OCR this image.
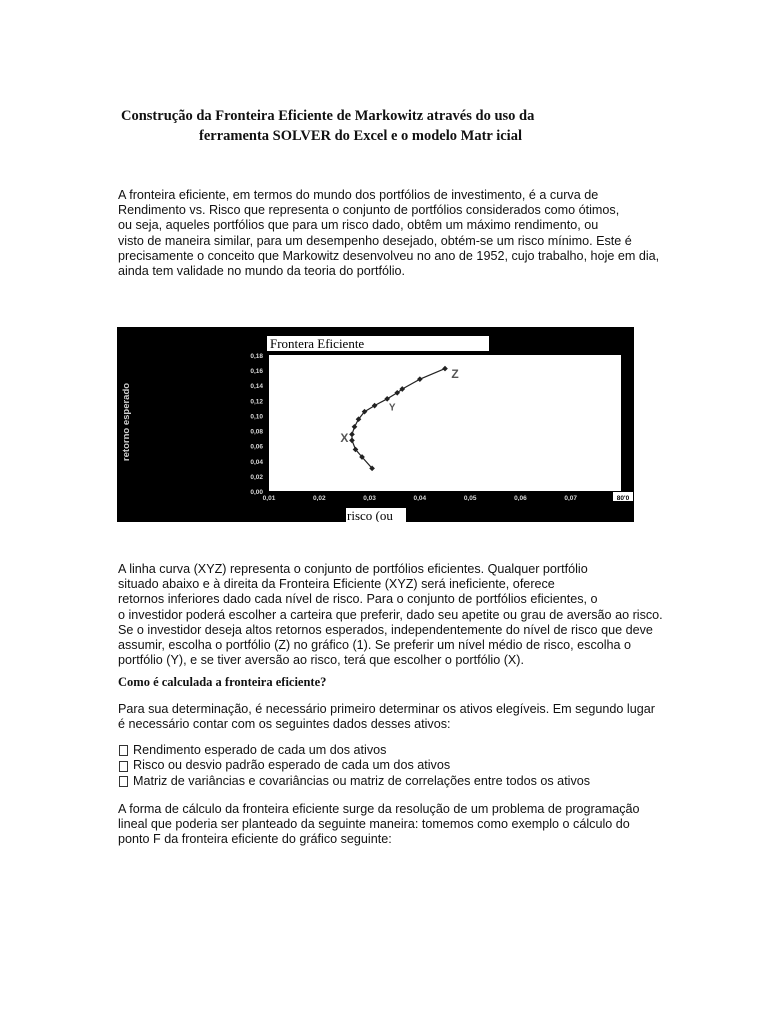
Construção da Fronteira Eficiente de Markowitz através do uso da
ferramenta SOLVER do Excel e o modelo Matr icial

A fronteira eficiente, em termos do mundo dos portfólios de investimento, é a curva de
Rendimento vs. Risco que representa o conjunto de portfólios considerados como ótimos,
ou seja, aqueles portfólios que para um risco dado, obtêm um máximo rendimento, ou
visto de maneira similar, para um desempenho desejado, obtém-se um risco mínimo. Este é
precisamente o conceito que Markowitz desenvolveu no ano de 1952, cujo trabalho, hoje em dia,
ainda tem validade no mundo da teoria do portfólio.

Frontera Eficiente
retorno esperado
risco (ou
0,00
0,02
0,04
0,06
0,08
0,10
0,12
0,14
0,16
0,18
0,01	0,02	0,03	0,04	0,05	0,06	0,07	80'0
X
Y
Z

A linha curva (XYZ) representa o conjunto de portfólios eficientes. Qualquer portfólio
situado abaixo e à direita da Fronteira Eficiente (XYZ) será ineficiente, oferece
retornos inferiores dado cada nível de risco. Para o conjunto de portfólios eficientes, o
o investidor poderá escolher a carteira que preferir, dado seu apetite ou grau de aversão ao risco.
Se o investidor deseja altos retornos esperados, independentemente do nível de risco que deve
assumir, escolha o portfólio (Z) no gráfico (1). Se preferir um nível médio de risco, escolha o
portfólio (Y), e se tiver aversão ao risco, terá que escolher o portfólio (X).

Como é calculada a fronteira eficiente?

Para sua determinação, é necessário primeiro determinar os ativos elegíveis. Em segundo lugar
é necessário contar com os seguintes dados desses ativos:

Rendimento esperado de cada um dos ativos
Risco ou desvio padrão esperado de cada um dos ativos
Matriz de variâncias e covariâncias ou matriz de correlações entre todos os ativos

A forma de cálculo da fronteira eficiente surge da resolução de um problema de programação
lineal que poderia ser planteado da seguinte maneira: tomemos como exemplo o cálculo do
ponto F da fronteira eficiente do gráfico seguinte:
